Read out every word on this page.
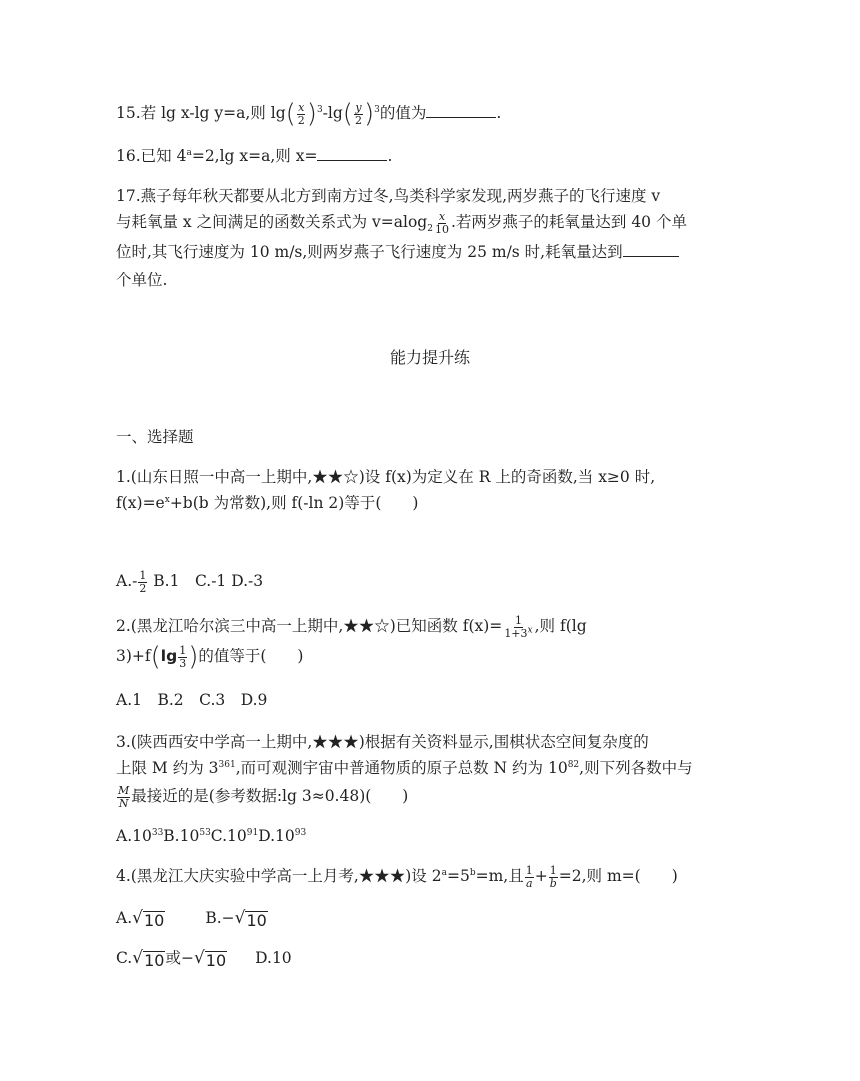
15.若 lg x-lg y=a,则 $\lg( \frac{x}{2} )^3-\lg( \frac{y}{2} )^3$的值为	.
16.已知 $4^a=2,\lg$ x=a,则 x=	.
17.燕子每年秋天都要从北方到南方过冬,鸟类科学家发现,两岁燕子的飞行速度 v
与耗氧量 x 之间满足的函数关系式为 $v=alog_2 \frac{x}{10}$ .若两岁燕子的耗氧量达到 40 个单
位时,其飞行速度为 10 m/s,则两岁燕子飞行速度为 25 m/s 时,耗氧量达到
个单位.
能力提升练
一、选择题
1.(山东日照一中高一上期中,★★☆)设 f(x)为定义在 R 上的奇函数,当 x≥0 时,
$f(x)=e^x+b(b$ 为常数),则 f(-ln 2)等于(　　)
$A.- \frac{1}{2} B.1$　C.-1 D.-3
2.(黑龙江哈尔滨三中高一上期中,★★☆)已知函数 $f(x)= \frac{1}{1+3^x}$ ,则 f(lg
$3)+f(\lg \frac{1}{3}$ )的值等于(　　)
A.1　B.2　C.3　D.9
3.(陕西西安中学高一上期中,★★★)根据有关资料显示,围棋状态空间复杂度的
上限 M 约为 $3^{361}$,而可观测宇宙中普通物质的原子总数 N 约为 $10^{82}$,则下列各数中与
$\frac{M}{N}$ 最接近的是(参考数据:lg 3≈0.48)(　　)
$A.10^{33}B.10^{53}C.10^{91}D.10^{93}$
4.(黑龙江大庆实验中学高一上月考,★★★)设 $2^a=5^b=m$,且 $\frac{1}{a} + \frac{1}{b} =2$,则 m=(　　)
A. √ 10	B.− √ 10
C. √ 10 或− √ 10 D.10
